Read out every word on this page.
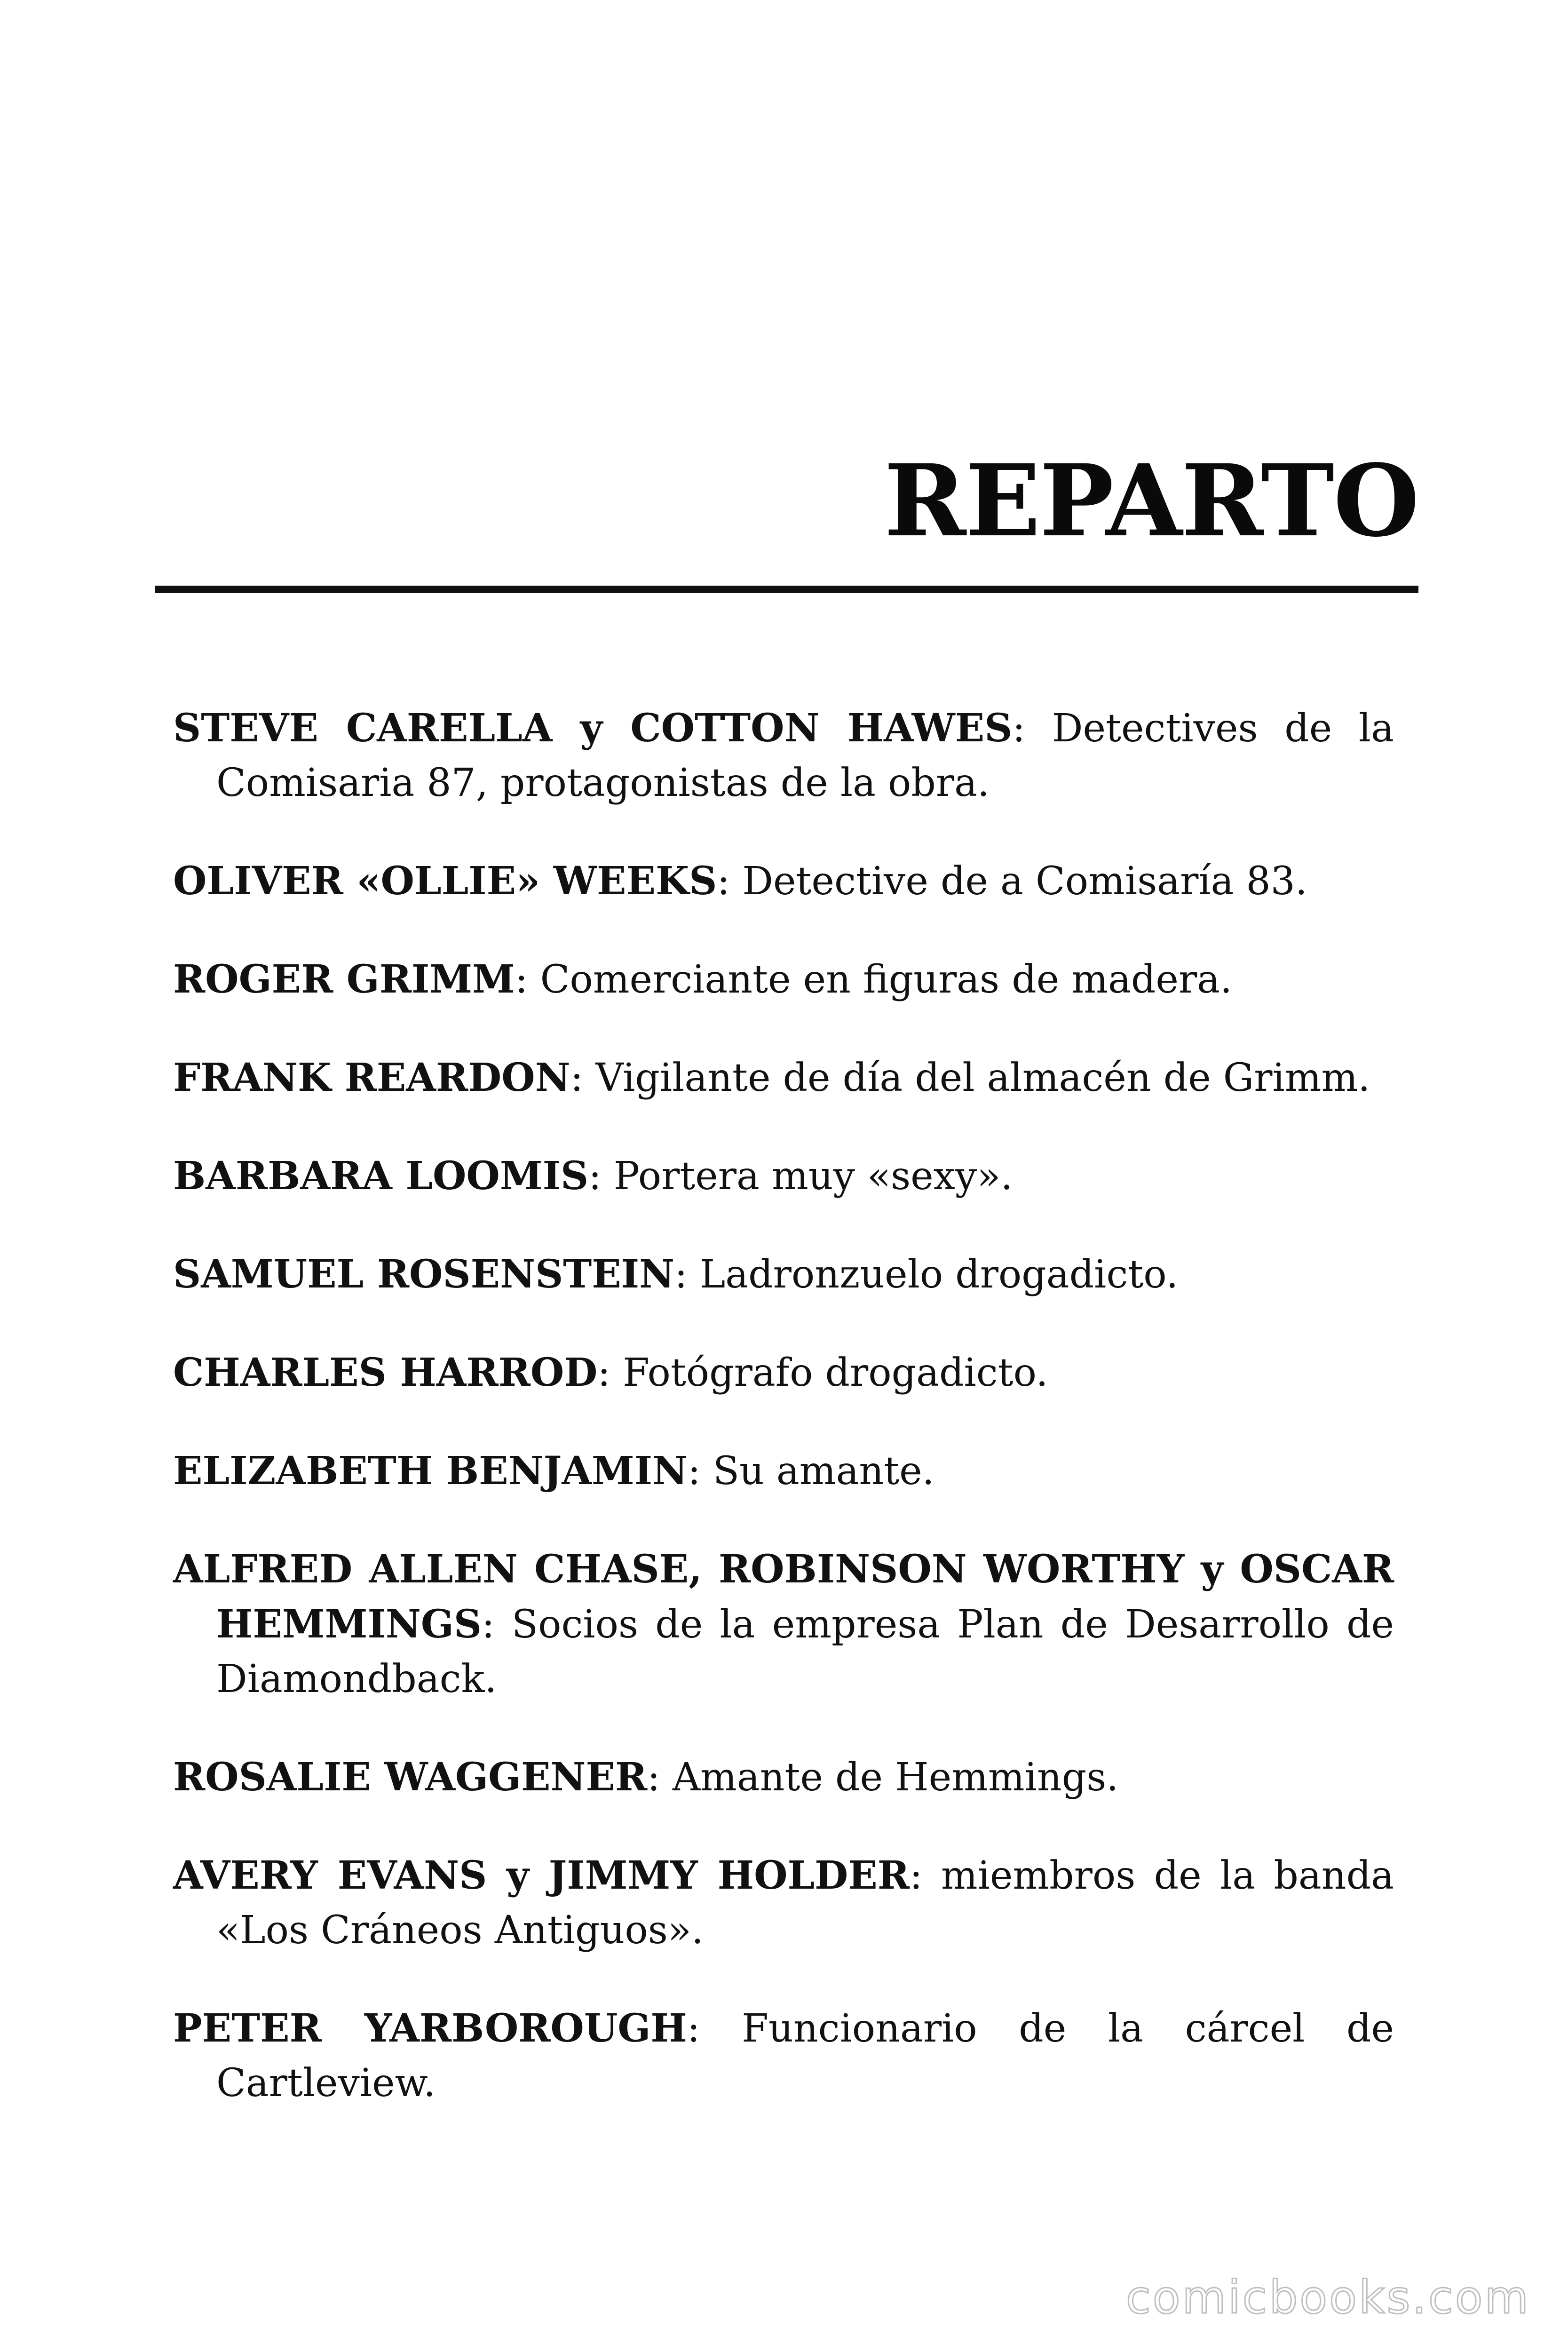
REPARTO
STEVE CARELLA y COTTON HAWES: Detectives de la Comisaria 87, protagonistas de la obra.
OLIVER «OLLIE» WEEKS: Detective de a Comisaría 83.
ROGER GRIMM: Comerciante en figuras de madera.
FRANK REARDON: Vigilante de día del almacén de Grimm.
BARBARA LOOMIS: Portera muy «sexy».
SAMUEL ROSENSTEIN: Ladronzuelo drogadicto.
CHARLES HARROD: Fotógrafo drogadicto.
ELIZABETH BENJAMIN: Su amante.
ALFRED ALLEN CHASE, ROBINSON WORTHY y OSCAR HEMMINGS: Socios de la empresa Plan de Desarrollo de Diamondback.
ROSALIE WAGGENER: Amante de Hemmings.
AVERY EVANS y JIMMY HOLDER: miembros de la banda «Los Cráneos Antiguos».
PETER YARBOROUGH: Funcionario de la cárcel de Cartleview.
comicbooks.com
